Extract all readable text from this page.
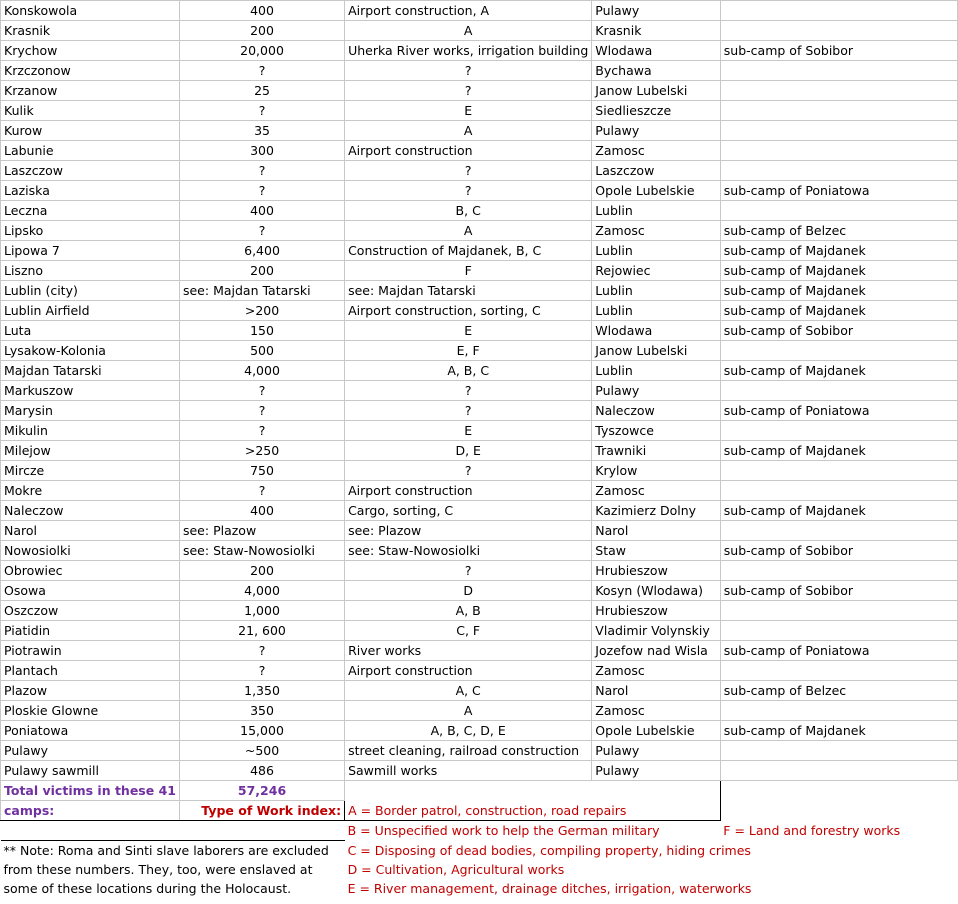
Konskowola	400	Airport construction, A	Pulawy	
Krasnik	200	A	Krasnik	
Krychow	20,000	Uherka River works, irrigation building	Wlodawa	sub-camp of Sobibor
Krzczonow	?	?	Bychawa	
Krzanow	25	?	Janow Lubelski	
Kulik	?	E	Siedlieszcze	
Kurow	35	A	Pulawy	
Labunie	300	Airport construction	Zamosc	
Laszczow	?	?	Laszczow	
Laziska	?	?	Opole Lubelskie	sub-camp of Poniatowa
Leczna	400	B, C	Lublin	
Lipsko	?	A	Zamosc	sub-camp of Belzec
Lipowa 7	6,400	Construction of Majdanek, B, C	Lublin	sub-camp of Majdanek
Liszno	200	F	Rejowiec	sub-camp of Majdanek
Lublin (city)	see: Majdan Tatarski	see: Majdan Tatarski	Lublin	sub-camp of Majdanek
Lublin Airfield	>200	Airport construction, sorting, C	Lublin	sub-camp of Majdanek
Luta	150	E	Wlodawa	sub-camp of Sobibor
Lysakow-Kolonia	500	E, F	Janow Lubelski	
Majdan Tatarski	4,000	A, B, C	Lublin	sub-camp of Majdanek
Markuszow	?	?	Pulawy	
Marysin	?	?	Naleczow	sub-camp of Poniatowa
Mikulin	?	E	Tyszowce	
Milejow	>250	D, E	Trawniki	sub-camp of Majdanek
Mircze	750	?	Krylow	
Mokre	?	Airport construction	Zamosc	
Naleczow	400	Cargo, sorting, C	Kazimierz Dolny	sub-camp of Majdanek
Narol	see: Plazow	see: Plazow	Narol	
Nowosiolki	see: Staw-Nowosiolki	see: Staw-Nowosiolki	Staw	sub-camp of Sobibor
Obrowiec	200	?	Hrubieszow	
Osowa	4,000	D	Kosyn (Wlodawa)	sub-camp of Sobibor
Oszczow	1,000	A, B	Hrubieszow	
Piatidin	21, 600	C, F	Vladimir Volynskiy	
Piotrawin	?	River works	Jozefow nad Wisla	sub-camp of Poniatowa
Plantach	?	Airport construction	Zamosc	
Plazow	1,350	A, C	Narol	sub-camp of Belzec
Ploskie Glowne	350	A	Zamosc	
Poniatowa	15,000	A, B, C, D, E	Opole Lubelskie	sub-camp of Majdanek
Pulawy	~500	street cleaning, railroad construction	Pulawy	
Pulawy sawmill	486	Sawmill works	Pulawy	
Total victims in these 41	57,246			
camps:	Type of Work index:	A = Border patrol, construction, road repairs		
		B = Unspecified work to help the German military		F = Land and forestry works
** Note: Roma and Sinti slave laborers are excluded		C = Disposing of dead bodies, compiling property, hiding crimes		
from these numbers. They, too, were enslaved at		D = Cultivation, Agricultural works		
some of these locations during the Holocaust.		E = River management, drainage ditches, irrigation, waterworks		
